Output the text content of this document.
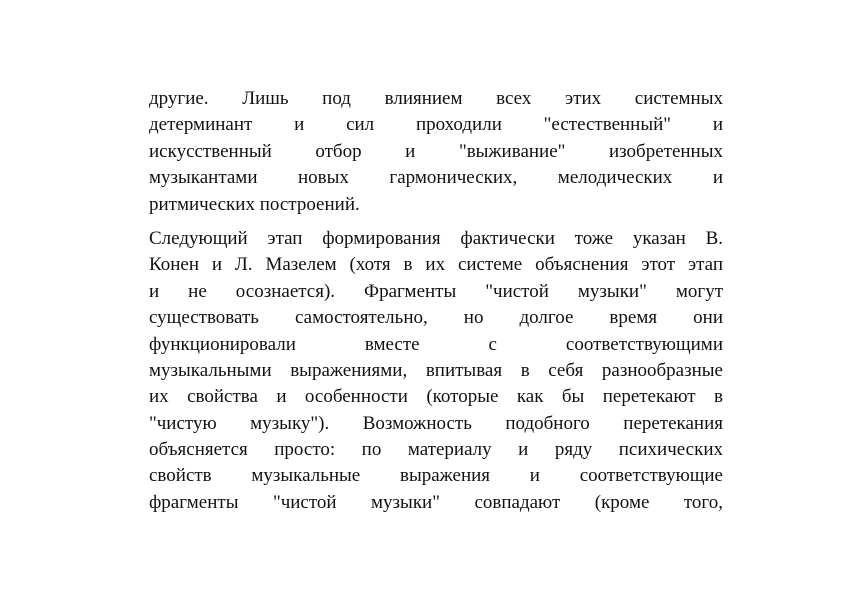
другие. Лишь под влиянием всех этих системных
детерминант и сил проходили "естественный" и
искусственный отбор и "выживание" изобретенных
музыкантами новых гармонических, мелодических и
ритмических построений.
Следующий этап формирования фактически тоже указан В.
Конен и Л. Мазелем (хотя в их системе объяснения этот этап
и не осознается). Фрагменты "чистой музыки" могут
существовать самостоятельно, но долгое время они
функционировали вместе с соответствующими
музыкальными выражениями, впитывая в себя разнообразные
их свойства и особенности (которые как бы перетекают в
"чистую музыку"). Возможность подобного перетекания
объясняется просто: по материалу и ряду психических
свойств музыкальные выражения и соответствующие
фрагменты "чистой музыки" совпадают (кроме того,
